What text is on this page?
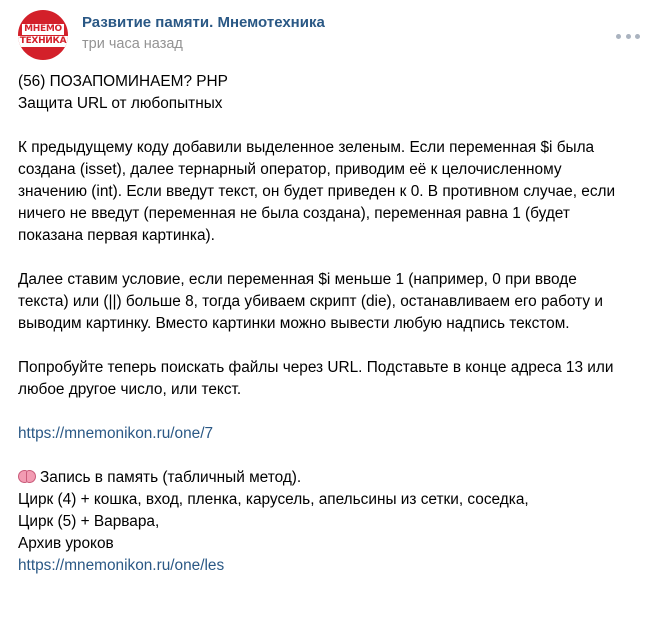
МНЕМО
ТЕХНИКА
Развитие памяти. Мнемотехника
три часа назад
(56) ПОЗАПОМИНАЕМ? PHP
Защита URL от любопытных
К предыдущему коду добавили выделенное зеленым. Если переменная $i была
создана (isset), далее тернарный оператор, приводим её к целочисленному
значению (int). Если введут текст, он будет приведен к 0. В противном случае, если
ничего не введут (переменная не была создана), переменная равна 1 (будет
показана первая картинка).
Далее ставим условие, если переменная $i меньше 1 (например, 0 при вводе
текста) или (||) больше 8, тогда убиваем скрипт (die), останавливаем его работу и
выводим картинку. Вместо картинки можно вывести любую надпись текстом.
Попробуйте теперь поискать файлы через URL. Подставьте в конце адреса 13 или
любое другое число, или текст.
https://mnemonikon.ru/one/7
Запись в память (табличный метод).
Цирк (4) + кошка, вход, пленка, карусель, апельсины из сетки, соседка,
Цирк (5) + Варвара,
Архив уроков
https://mnemonikon.ru/one/les
